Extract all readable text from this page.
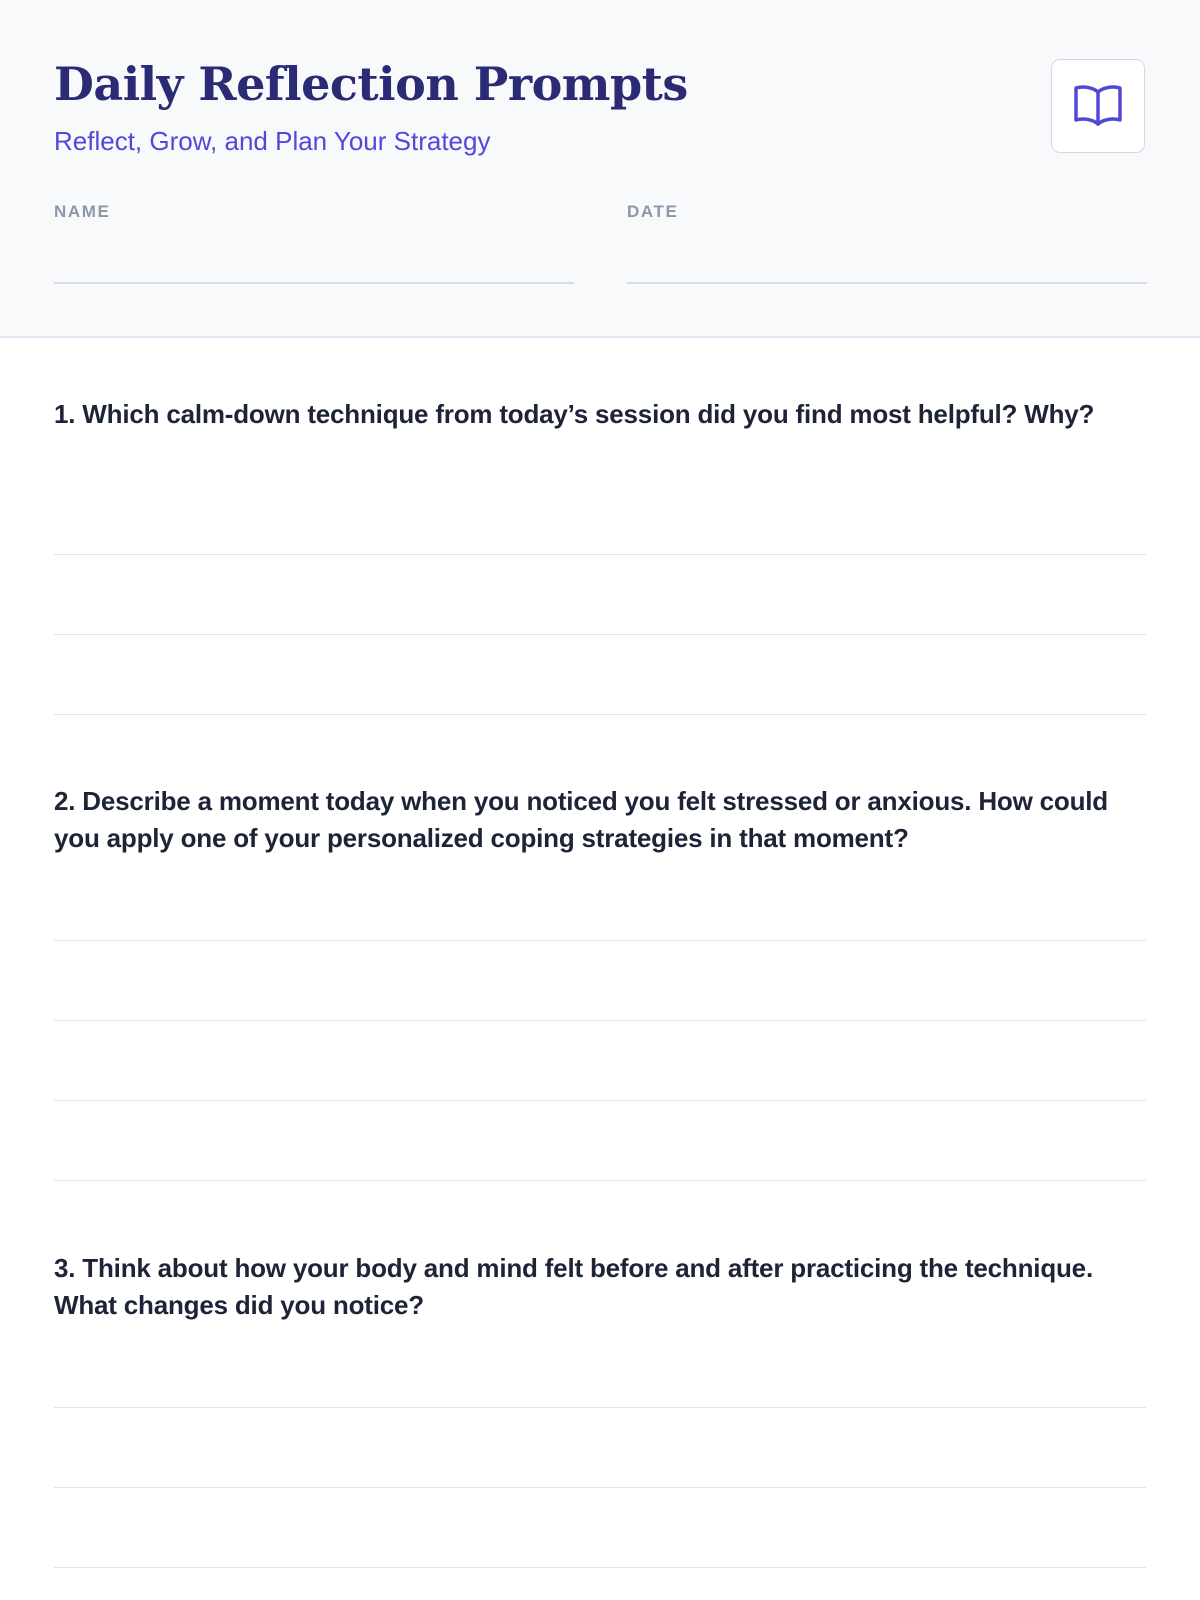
Daily Reflection Prompts

Reflect, Grow, and Plan Your Strategy

NAME	DATE

1. Which calm-down technique from today’s session did you find most helpful? Why?

2. Describe a moment today when you noticed you felt stressed or anxious. How could you apply one of your personalized coping strategies in that moment?

3. Think about how your body and mind felt before and after practicing the technique. What changes did you notice?
